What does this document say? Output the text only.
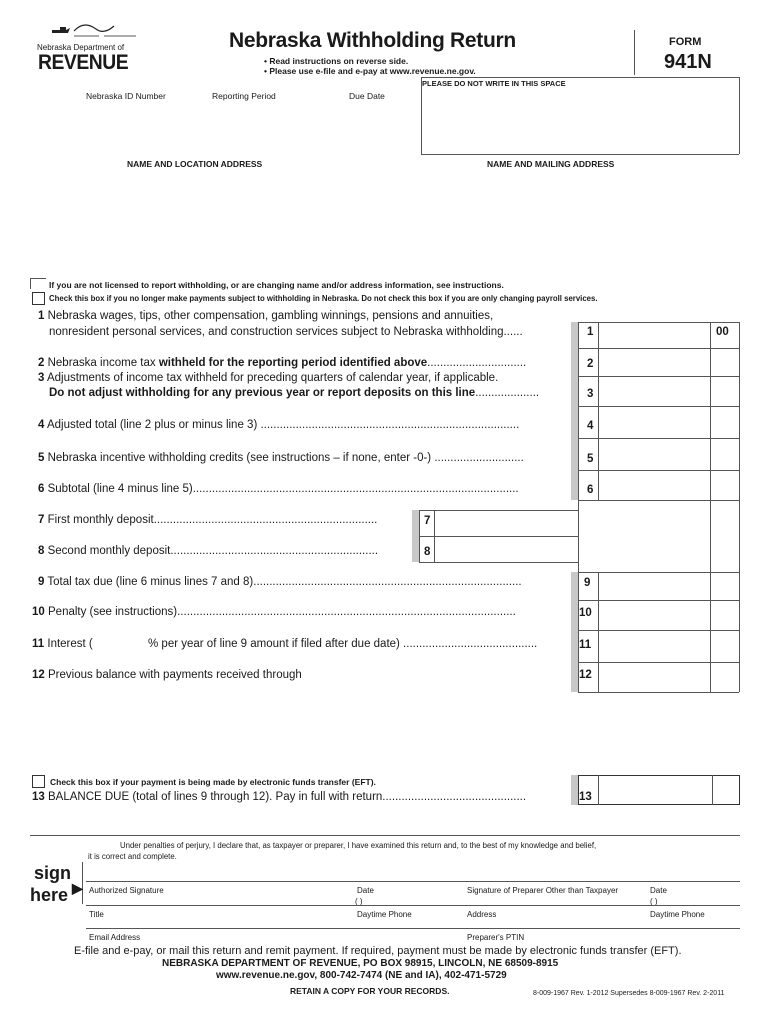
Nebraska Department of
REVENUE
Nebraska Withholding Return
• Read instructions on reverse side.
• Please use e-file and e-pay at www.revenue.ne.gov.
FORM
941N
PLEASE DO NOT WRITE IN THIS SPACE
Nebraska ID Number	Reporting Period	Due Date
NAME AND LOCATION ADDRESS	NAME AND MAILING ADDRESS
If you are not licensed to report withholding, or are changing name and/or address information, see instructions.
Check this box if you no longer make payments subject to withholding in Nebraska. Do not check this box if you are only changing payroll services.
1 Nebraska wages, tips, other compensation, gambling winnings, pensions and annuities,
nonresident personal services, and construction services subject to Nebraska withholding......	1	00
2 Nebraska income tax withheld for the reporting period identified above...............................	2
3 Adjustments of income tax withheld for preceding quarters of calendar year, if applicable.
Do not adjust withholding for any previous year or report deposits on this line....................	3
4 Adjusted total (line 2 plus or minus line 3) .................................................................................	4
5 Nebraska incentive withholding credits (see instructions – if none, enter -0-) ............................	5
6 Subtotal (line 4 minus line 5)......................................................................................................	6
7 First monthly deposit......................................................................	7
8 Second monthly deposit.................................................................	8
9 Total tax due (line 6 minus lines 7 and 8)....................................................................................	9
10 Penalty (see instructions)..........................................................................................................	10
11 Interest (	% per year of line 9 amount if filed after due date) ..........................................	11
12 Previous balance with payments received through	12
Check this box if your payment is being made by electronic funds transfer (EFT).
13 BALANCE DUE (total of lines 9 through 12). Pay in full with return.............................................	13
Under penalties of perjury, I declare that, as taxpayer or preparer, I have examined this return and, to the best of my knowledge and belief,
it is correct and complete.
sign
here ▶ Authorized Signature	Date
( )
Signature of Preparer Other than Taxpayer	Date
( )
Title	Daytime Phone	Address	Daytime Phone
Email Address	Preparer's PTIN
E-file and e-pay, or mail this return and remit payment. If required, payment must be made by electronic funds transfer (EFT).
NEBRASKA DEPARTMENT OF REVENUE, PO BOX 98915, LINCOLN, NE 68509-8915
www.revenue.ne.gov, 800-742-7474 (NE and IA), 402-471-5729
RETAIN A COPY FOR YOUR RECORDS.	8-009-1967 Rev. 1-2012 Supersedes 8-009-1967 Rev. 2-2011
